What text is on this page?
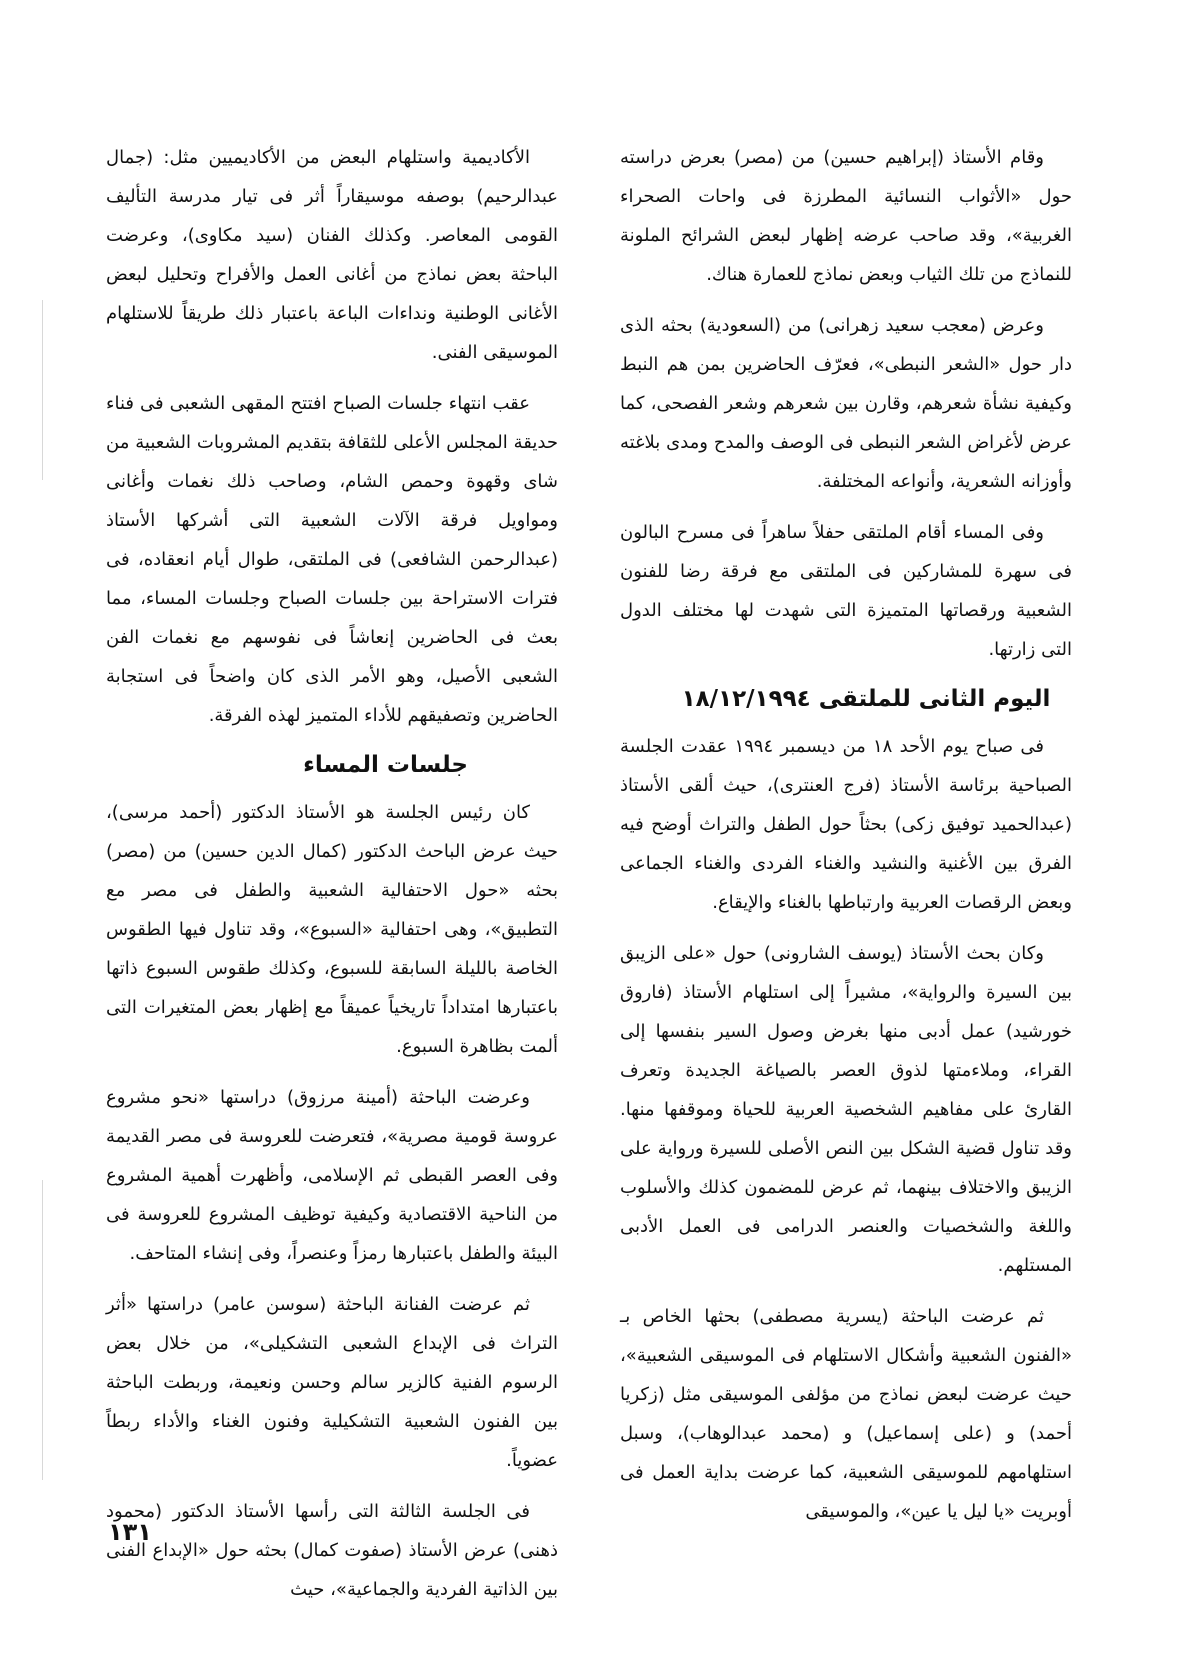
وقام الأستاذ (إبراهيم حسين) من (مصر) بعرض دراسته حول «الأثواب النسائية المطرزة فى واحات الصحراء الغربية»، وقد صاحب عرضه إظهار لبعض الشرائح الملونة للنماذج من تلك الثياب وبعض نماذج للعمارة هناك.

وعرض (معجب سعيد زهرانى) من (السعودية) بحثه الذى دار حول «الشعر النبطى»، فعرّف الحاضرين بمن هم النبط وكيفية نشأة شعرهم، وقارن بين شعرهم وشعر الفصحى، كما عرض لأغراض الشعر النبطى فى الوصف والمدح ومدى بلاغته وأوزانه الشعرية، وأنواعه المختلفة.

وفى المساء أقام الملتقى حفلاً ساهراً فى مسرح البالون فى سهرة للمشاركين فى الملتقى مع فرقة رضا للفنون الشعبية ورقصاتها المتميزة التى شهدت لها مختلف الدول التى زارتها.

اليوم الثانى للملتقى ١٨/١٢/١٩٩٤

فى صباح يوم الأحد ١٨ من ديسمبر ١٩٩٤ عقدت الجلسة الصباحية برئاسة الأستاذ (فرج العنترى)، حيث ألقى الأستاذ (عبدالحميد توفيق زكى) بحثاً حول الطفل والتراث أوضح فيه الفرق بين الأغنية والنشيد والغناء الفردى والغناء الجماعى وبعض الرقصات العربية وارتباطها بالغناء والإيقاع.

وكان بحث الأستاذ (يوسف الشارونى) حول «على الزيبق بين السيرة والرواية»، مشيراً إلى استلهام الأستاذ (فاروق خورشيد) عمل أدبى منها بغرض وصول السير بنفسها إلى القراء، وملاءمتها لذوق العصر بالصياغة الجديدة وتعرف القارئ على مفاهيم الشخصية العربية للحياة وموقفها منها. وقد تناول قضية الشكل بين النص الأصلى للسيرة ورواية على الزيبق والاختلاف بينهما، ثم عرض للمضمون كذلك والأسلوب واللغة والشخصيات والعنصر الدرامى فى العمل الأدبى المستلهم.

ثم عرضت الباحثة (يسرية مصطفى) بحثها الخاص بـ «الفنون الشعبية وأشكال الاستلهام فى الموسيقى الشعبية»، حيث عرضت لبعض نماذج من مؤلفى الموسيقى مثل (زكريا أحمد) و (على إسماعيل) و (محمد عبدالوهاب)، وسبل استلهامهم للموسيقى الشعبية، كما عرضت بداية العمل فى أوبريت «يا ليل يا عين»، والموسيقى

الأكاديمية واستلهام البعض من الأكاديميين مثل: (جمال عبدالرحيم) بوصفه موسيقاراً أثر فى تيار مدرسة التأليف القومى المعاصر. وكذلك الفنان (سيد مكاوى)، وعرضت الباحثة بعض نماذج من أغانى العمل والأفراح وتحليل لبعض الأغانى الوطنية ونداءات الباعة باعتبار ذلك طريقاً للاستلهام الموسيقى الفنى.

عقب انتهاء جلسات الصباح افتتح المقهى الشعبى فى فناء حديقة المجلس الأعلى للثقافة بتقديم المشروبات الشعبية من شاى وقهوة وحمص الشام، وصاحب ذلك نغمات وأغانى ومواويل فرقة الآلات الشعبية التى أشركها الأستاذ (عبدالرحمن الشافعى) فى الملتقى، طوال أيام انعقاده، فى فترات الاستراحة بين جلسات الصباح وجلسات المساء، مما بعث فى الحاضرين إنعاشاً فى نفوسهم مع نغمات الفن الشعبى الأصيل، وهو الأمر الذى كان واضحاً فى استجابة الحاضرين وتصفيقهم للأداء المتميز لهذه الفرقة.

جلسات المساء

كان رئيس الجلسة هو الأستاذ الدكتور (أحمد مرسى)، حيث عرض الباحث الدكتور (كمال الدين حسين) من (مصر) بحثه «حول الاحتفالية الشعبية والطفل فى مصر مع التطبيق»، وهى احتفالية «السبوع»، وقد تناول فيها الطقوس الخاصة بالليلة السابقة للسبوع، وكذلك طقوس السبوع ذاتها باعتبارها امتداداً تاريخياً عميقاً مع إظهار بعض المتغيرات التى ألمت بظاهرة السبوع.

وعرضت الباحثة (أمينة مرزوق) دراستها «نحو مشروع عروسة قومية مصرية»، فتعرضت للعروسة فى مصر القديمة وفى العصر القبطى ثم الإسلامى، وأظهرت أهمية المشروع من الناحية الاقتصادية وكيفية توظيف المشروع للعروسة فى البيئة والطفل باعتبارها رمزاً وعنصراً، وفى إنشاء المتاحف.

ثم عرضت الفنانة الباحثة (سوسن عامر) دراستها «أثر التراث فى الإبداع الشعبى التشكيلى»، من خلال بعض الرسوم الفنية كالزير سالم وحسن ونعيمة، وربطت الباحثة بين الفنون الشعبية التشكيلية وفنون الغناء والأداء ربطاً عضوياً.

فى الجلسة الثالثة التى رأسها الأستاذ الدكتور (محمود ذهنى) عرض الأستاذ (صفوت كمال) بحثه حول «الإبداع الفنى بين الذاتية الفردية والجماعية»، حيث

١٣١
